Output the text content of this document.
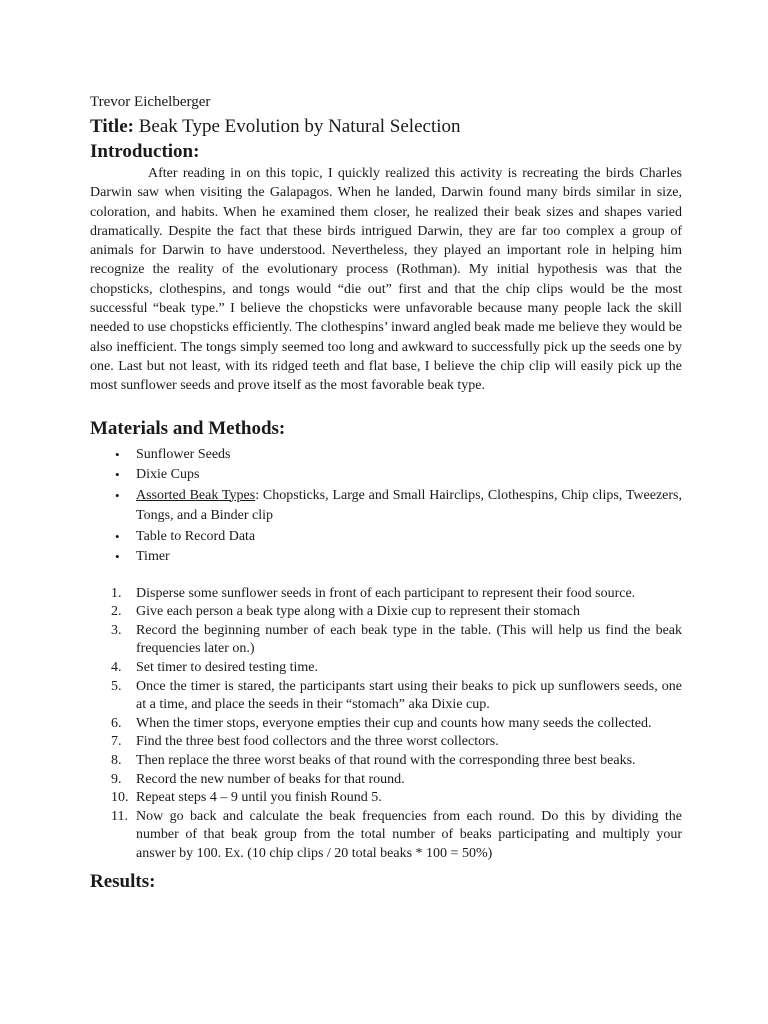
Trevor Eichelberger

Title: Beak Type Evolution by Natural Selection

Introduction:

After reading in on this topic, I quickly realized this activity is recreating the birds Charles Darwin saw when visiting the Galapagos. When he landed, Darwin found many birds similar in size, coloration, and habits. When he examined them closer, he realized their beak sizes and shapes varied dramatically. Despite the fact that these birds intrigued Darwin, they are far too complex a group of animals for Darwin to have understood. Nevertheless, they played an important role in helping him recognize the reality of the evolutionary process (Rothman). My initial hypothesis was that the chopsticks, clothespins, and tongs would “die out” first and that the chip clips would be the most successful “beak type.” I believe the chopsticks were unfavorable because many people lack the skill needed to use chopsticks efficiently. The clothespins’ inward angled beak made me believe they would be also inefficient. The tongs simply seemed too long and awkward to successfully pick up the seeds one by one. Last but not least, with its ridged teeth and flat base, I believe the chip clip will easily pick up the most sunflower seeds and prove itself as the most favorable beak type.

Materials and Methods:
• Sunflower Seeds
• Dixie Cups
• Assorted Beak Types: Chopsticks, Large and Small Hairclips, Clothespins, Chip clips, Tweezers, Tongs, and a Binder clip
• Table to Record Data
• Timer
1. Disperse some sunflower seeds in front of each participant to represent their food source.
2. Give each person a beak type along with a Dixie cup to represent their stomach
3. Record the beginning number of each beak type in the table. (This will help us find the beak frequencies later on.)
4. Set timer to desired testing time.
5. Once the timer is stared, the participants start using their beaks to pick up sunflowers seeds, one at a time, and place the seeds in their “stomach” aka Dixie cup.
6. When the timer stops, everyone empties their cup and counts how many seeds the collected.
7. Find the three best food collectors and the three worst collectors.
8. Then replace the three worst beaks of that round with the corresponding three best beaks.
9. Record the new number of beaks for that round.
10. Repeat steps 4 – 9 until you finish Round 5.
11. Now go back and calculate the beak frequencies from each round. Do this by dividing the number of that beak group from the total number of beaks participating and multiply your answer by 100. Ex. (10 chip clips / 20 total beaks * 100 = 50%)
Results:
